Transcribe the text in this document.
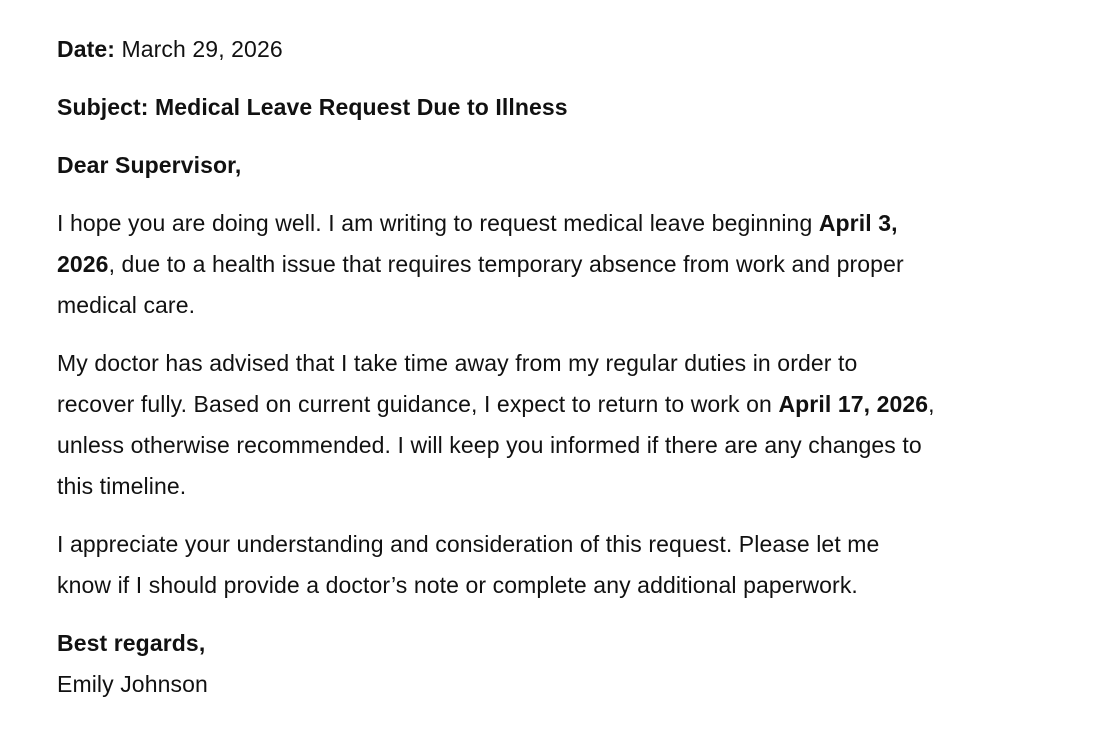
Date: March 29, 2026

Subject: Medical Leave Request Due to Illness

Dear Supervisor,

I hope you are doing well. I am writing to request medical leave beginning April 3,
2026, due to a health issue that requires temporary absence from work and proper
medical care.
My doctor has advised that I take time away from my regular duties in order to
recover fully. Based on current guidance, I expect to return to work on April 17, 2026,
unless otherwise recommended. I will keep you informed if there are any changes to
this timeline.
I appreciate your understanding and consideration of this request. Please let me
know if I should provide a doctor’s note or complete any additional paperwork.

Best regards,

Emily Johnson
